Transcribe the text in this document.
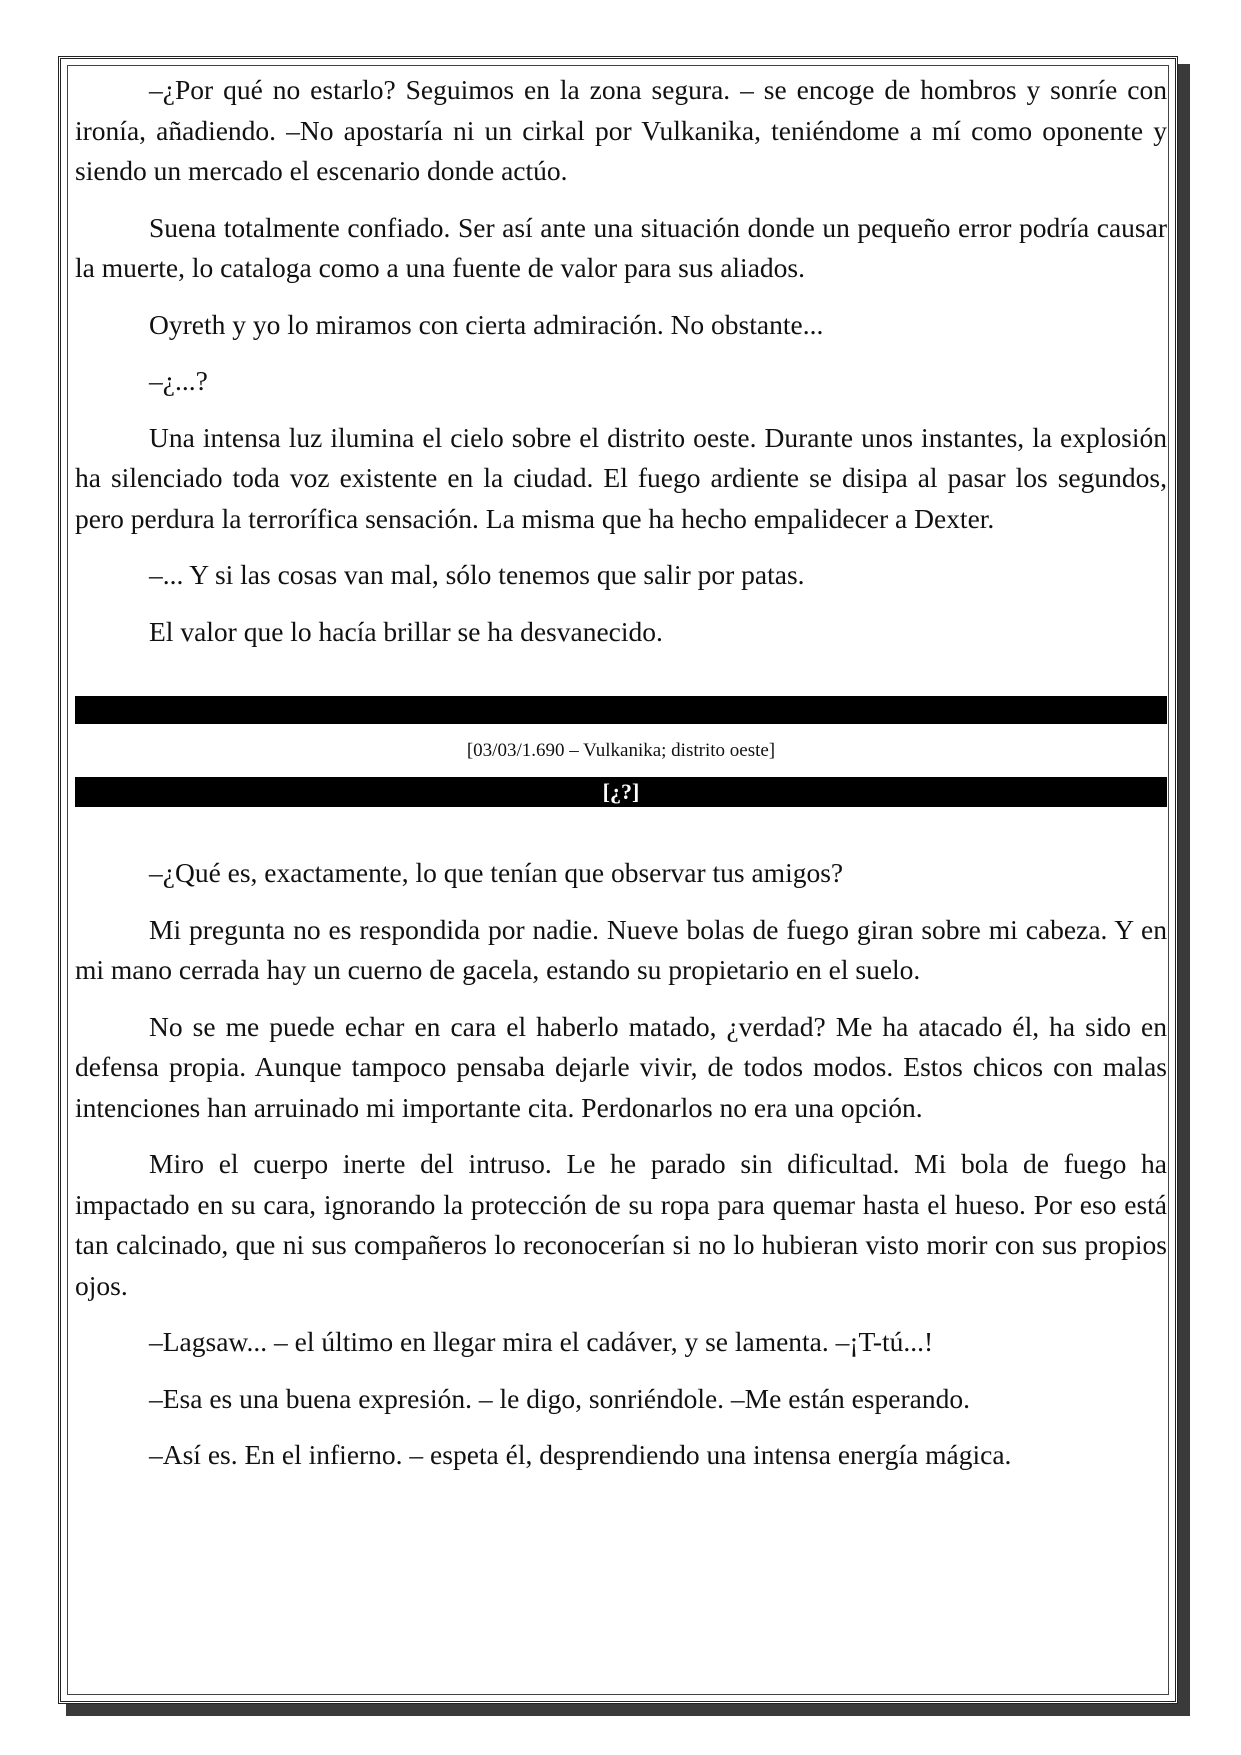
–¿Por qué no estarlo? Seguimos en la zona segura. – se encoge de hombros y sonríe con ironía, añadiendo. –No apostaría ni un cirkal por Vulkanika, teniéndome a mí como oponente y siendo un mercado el escenario donde actúo.

Suena totalmente confiado. Ser así ante una situación donde un pequeño error podría causar la muerte, lo cataloga como a una fuente de valor para sus aliados.

Oyreth y yo lo miramos con cierta admiración. No obstante...

–¿...?

Una intensa luz ilumina el cielo sobre el distrito oeste. Durante unos instantes, la explosión ha silenciado toda voz existente en la ciudad. El fuego ardiente se disipa al pasar los segundos, pero perdura la terrorífica sensación. La misma que ha hecho empalidecer a Dexter.

–... Y si las cosas van mal, sólo tenemos que salir por patas.

El valor que lo hacía brillar se ha desvanecido.

[03/03/1.690 – Vulkanika; distrito oeste]
[¿?]

–¿Qué es, exactamente, lo que tenían que observar tus amigos?

Mi pregunta no es respondida por nadie. Nueve bolas de fuego giran sobre mi cabeza. Y en mi mano cerrada hay un cuerno de gacela, estando su propietario en el suelo.

No se me puede echar en cara el haberlo matado, ¿verdad? Me ha atacado él, ha sido en defensa propia. Aunque tampoco pensaba dejarle vivir, de todos modos. Estos chicos con malas intenciones han arruinado mi importante cita. Perdonarlos no era una opción.

Miro el cuerpo inerte del intruso. Le he parado sin dificultad. Mi bola de fuego ha impactado en su cara, ignorando la protección de su ropa para quemar hasta el hueso. Por eso está tan calcinado, que ni sus compañeros lo reconocerían si no lo hubieran visto morir con sus propios ojos.

–Lagsaw... – el último en llegar mira el cadáver, y se lamenta. –¡T-tú...!

–Esa es una buena expresión. – le digo, sonriéndole. –Me están esperando.

–Así es. En el infierno. – espeta él, desprendiendo una intensa energía mágica.
